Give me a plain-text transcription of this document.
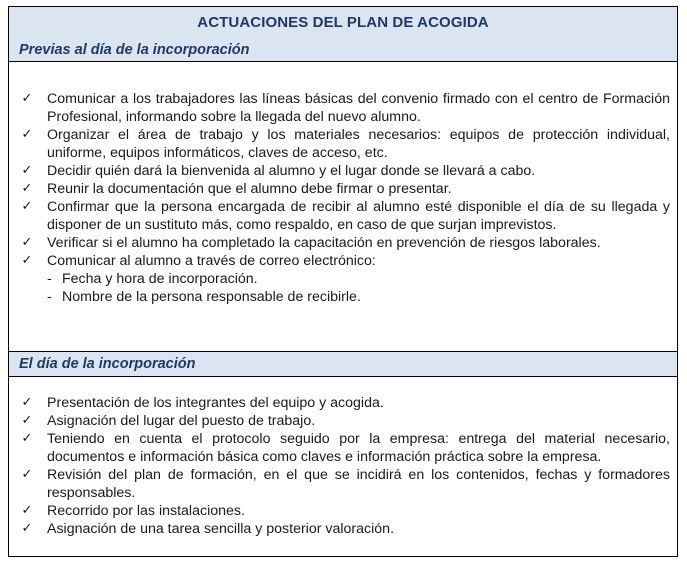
ACTUACIONES DEL PLAN DE ACOGIDA
Previas al día de la incorporación
✓ Comunicar a los trabajadores las líneas básicas del convenio firmado con el centro de Formación Profesional, informando sobre la llegada del nuevo alumno.
✓ Organizar el área de trabajo y los materiales necesarios: equipos de protección individual, uniforme, equipos informáticos, claves de acceso, etc.
✓ Decidir quién dará la bienvenida al alumno y el lugar donde se llevará a cabo.
✓ Reunir la documentación que el alumno debe firmar o presentar.
✓ Confirmar que la persona encargada de recibir al alumno esté disponible el día de su llegada y disponer de un sustituto más, como respaldo, en caso de que surjan imprevistos.
✓ Verificar si el alumno ha completado la capacitación en prevención de riesgos laborales.
✓ Comunicar al alumno a través de correo electrónico:
- Fecha y hora de incorporación.
- Nombre de la persona responsable de recibirle.
El día de la incorporación
✓ Presentación de los integrantes del equipo y acogida.
✓ Asignación del lugar del puesto de trabajo.
✓ Teniendo en cuenta el protocolo seguido por la empresa: entrega del material necesario, documentos e información básica como claves e información práctica sobre la empresa.
✓ Revisión del plan de formación, en el que se incidirá en los contenidos, fechas y formadores responsables.
✓ Recorrido por las instalaciones.
✓ Asignación de una tarea sencilla y posterior valoración.
